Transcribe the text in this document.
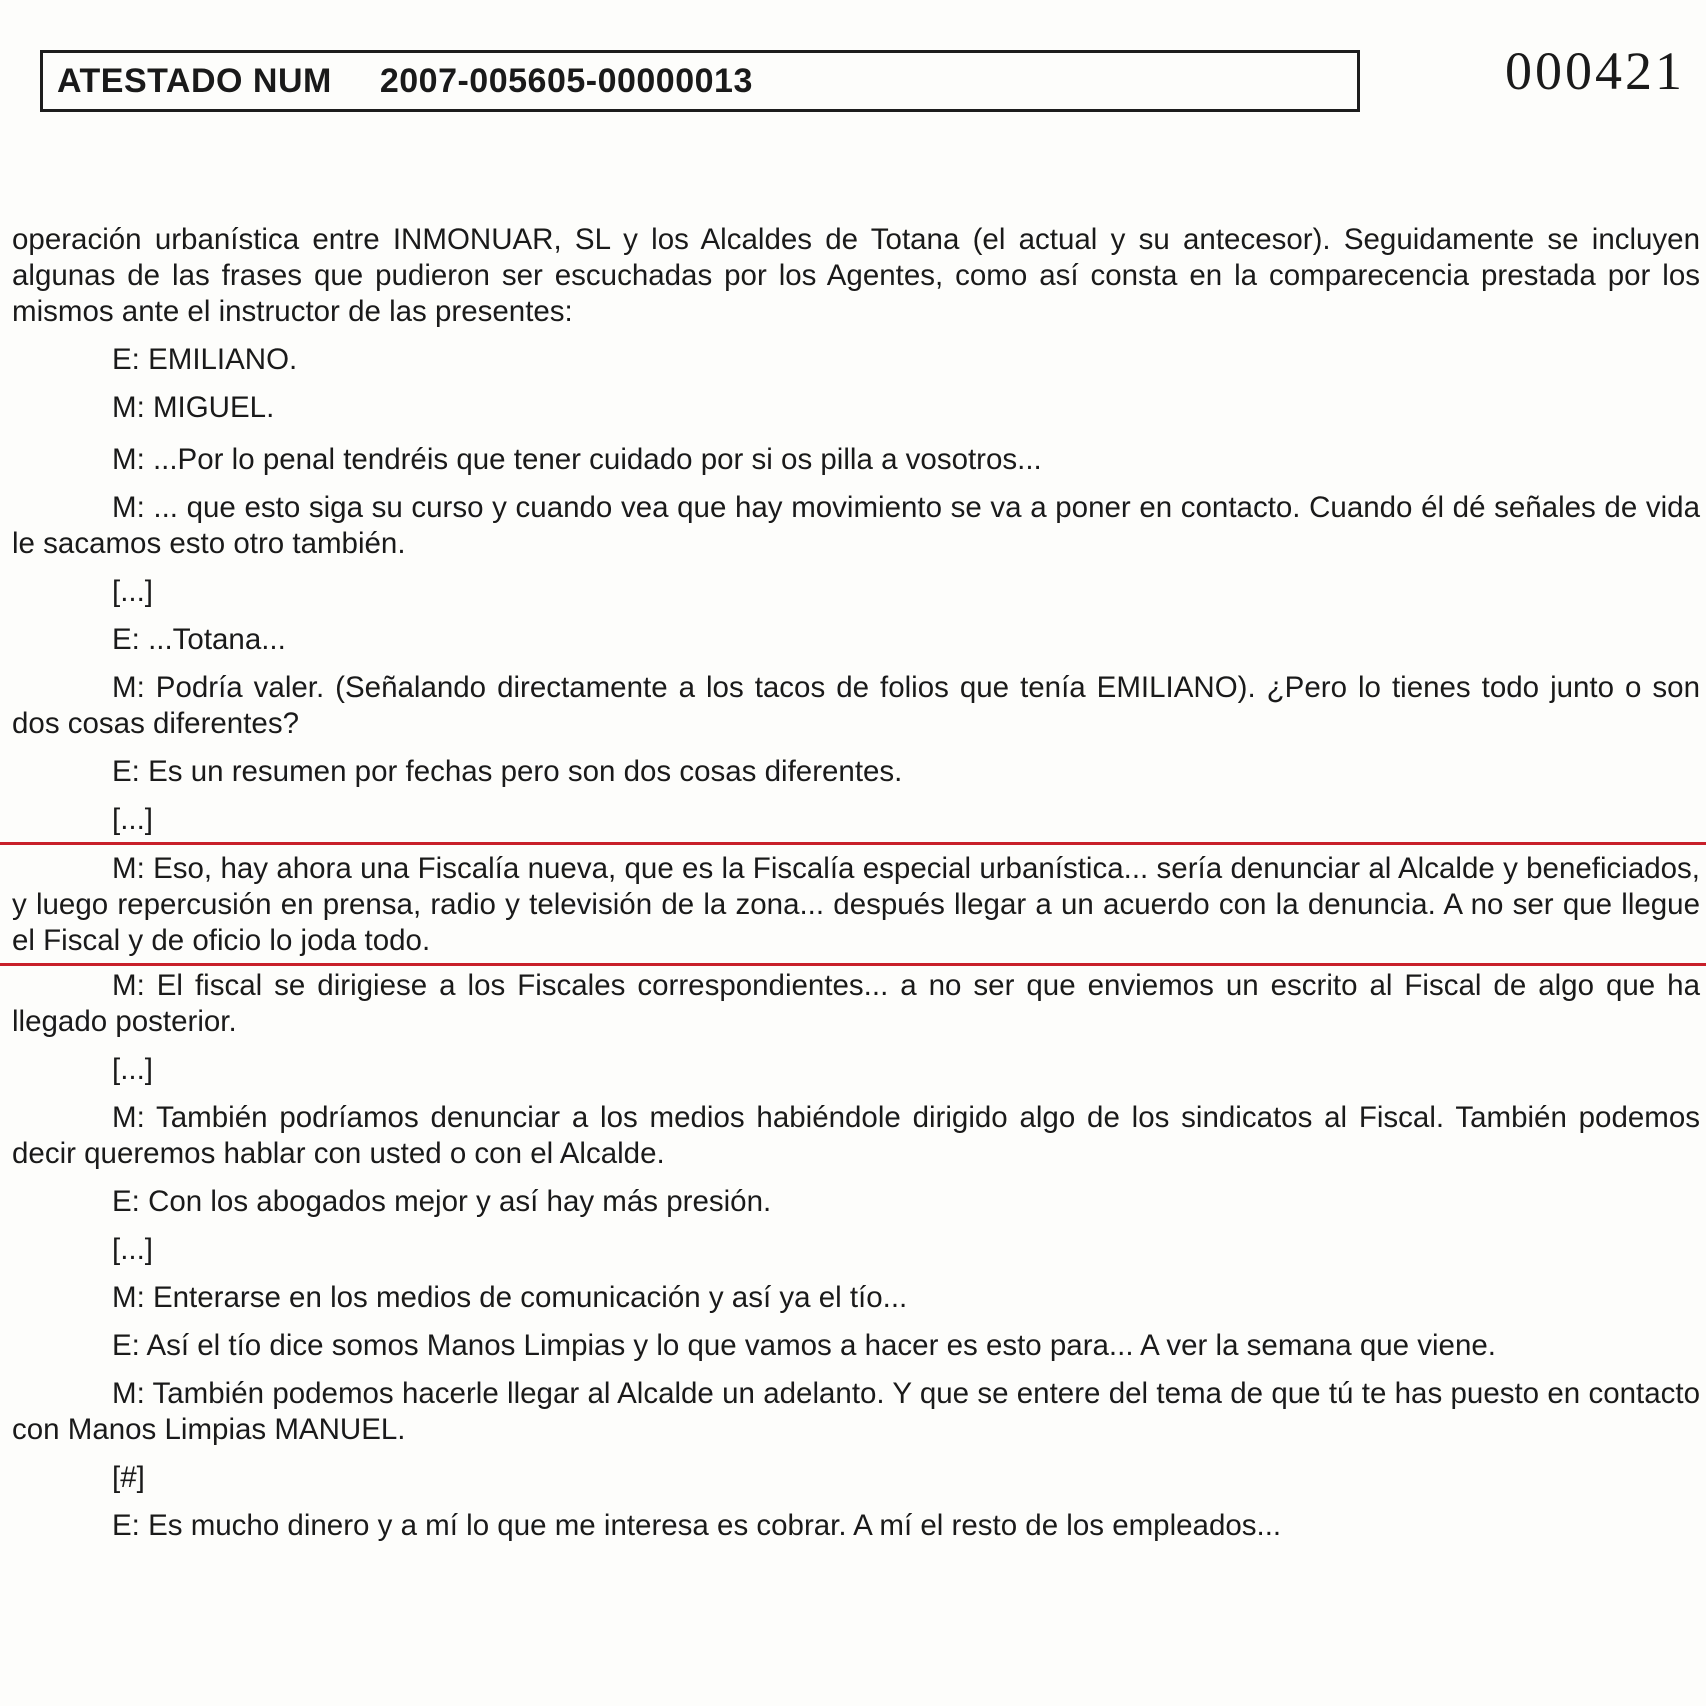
ATESTADO NUM 2007-005605-00000013	000421

operación urbanística entre INMONUAR, SL y los Alcaldes de Totana (el actual y su antecesor). Seguidamente se incluyen algunas de las frases que pudieron ser escuchadas por los Agentes, como así consta en la comparecencia prestada por los mismos ante el instructor de las presentes:

E: EMILIANO.

M: MIGUEL.

M: ...Por lo penal tendréis que tener cuidado por si os pilla a vosotros...

M: ... que esto siga su curso y cuando vea que hay movimiento se va a poner en contacto. Cuando él dé señales de vida le sacamos esto otro también.

[...]

E: ...Totana...

M: Podría valer. (Señalando directamente a los tacos de folios que tenía EMILIANO). ¿Pero lo tienes todo junto o son dos cosas diferentes?

E: Es un resumen por fechas pero son dos cosas diferentes.

[...]

M: Eso, hay ahora una Fiscalía nueva, que es la Fiscalía especial urbanística... sería denunciar al Alcalde y beneficiados, y luego repercusión en prensa, radio y televisión de la zona... después llegar a un acuerdo con la denuncia. A no ser que llegue el Fiscal y de oficio lo joda todo.

M: El fiscal se dirigiese a los Fiscales correspondientes... a no ser que enviemos un escrito al Fiscal de algo que ha llegado posterior.

[...]

M: También podríamos denunciar a los medios habiéndole dirigido algo de los sindicatos al Fiscal. También podemos decir queremos hablar con usted o con el Alcalde.

E: Con los abogados mejor y así hay más presión.

[...]

M: Enterarse en los medios de comunicación y así ya el tío...

E: Así el tío dice somos Manos Limpias y lo que vamos a hacer es esto para... A ver la semana que viene.

M: También podemos hacerle llegar al Alcalde un adelanto. Y que se entere del tema de que tú te has puesto en contacto con Manos Limpias MANUEL.

[#]

E: Es mucho dinero y a mí lo que me interesa es cobrar. A mí el resto de los empleados...
